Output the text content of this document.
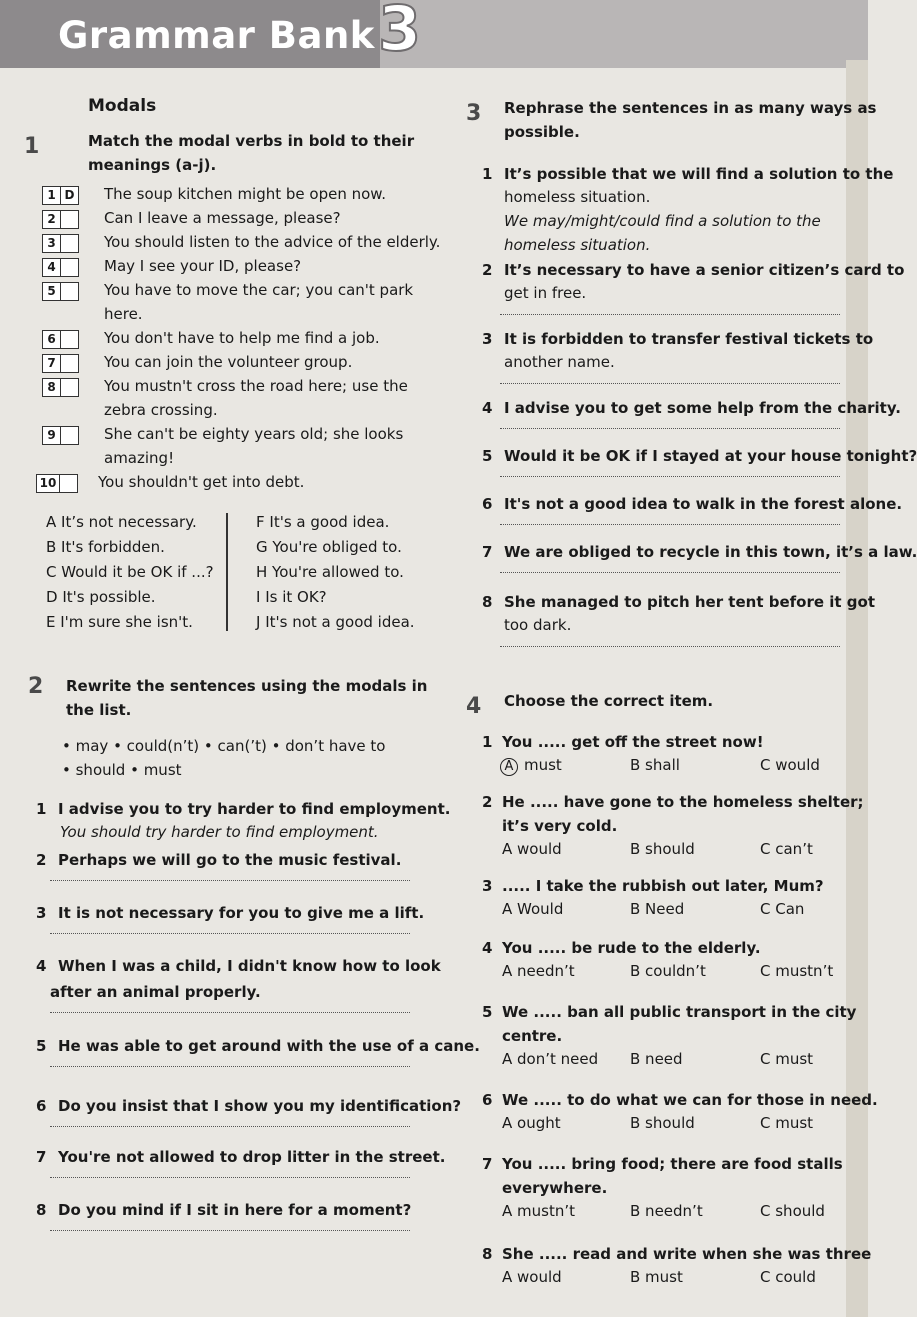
Grammar Bank 3
Modals
1	Match the modal verbs in bold to their
meanings (a-j).
1 D	The soup kitchen might be open now.
2	Can I leave a message, please?
3	You should listen to the advice of the elderly.
4	May I see your ID, please?
5	You have to move the car; you can't park
here.
6	You don't have to help me find a job.
7	You can join the volunteer group.
8	You mustn't cross the road here; use the
zebra crossing.
9	She can't be eighty years old; she looks
amazing!
10	You shouldn't get into debt.
A It’s not necessary.	F It's a good idea.
B It's forbidden.	G You're obliged to.
C Would it be OK if ...?	H You're allowed to.
D It's possible.	I Is it OK?
E I'm sure she isn't.	J It's not a good idea.
2 Rewrite the sentences using the modals in
the list.
• may • could(n’t) • can(’t) • don’t have to
• should • must
1 I advise you to try harder to find employment.
You should try harder to find employment.
2 Perhaps we will go to the music festival.
3 It is not necessary for you to give me a lift.
4 When I was a child, I didn't know how to look
after an animal properly.
5 He was able to get around with the use of a cane.
6 Do you insist that I show you my identification?
7 You're not allowed to drop litter in the street.
8 Do you mind if I sit in here for a moment?
3 Rephrase the sentences in as many ways as
possible.
1 It’s possible that we will find a solution to the
homeless situation.
We may/might/could find a solution to the
homeless situation.
2 It’s necessary to have a senior citizen’s card to
get in free.
3 It is forbidden to transfer festival tickets to
another name.
4 I advise you to get some help from the charity.
5 Would it be OK if I stayed at your house tonight?
6 It's not a good idea to walk in the forest alone.
7 We are obliged to recycle in this town, it’s a law.
8 She managed to pitch her tent before it got
too dark.
4 Choose the correct item.
1 You ..... get off the street now!
A must	B shall	C would
2 He ..... have gone to the homeless shelter;
it’s very cold.
A would	B should	C can’t
3 ..... I take the rubbish out later, Mum?
A Would	B Need	C Can
4 You ..... be rude to the elderly.
A needn’t	B couldn’t	C mustn’t
5 We ..... ban all public transport in the city
centre.
A don’t need B need	C must
6 We ..... to do what we can for those in need.
A ought	B should	C must
7 You ..... bring food; there are food stalls
everywhere.
A mustn’t	B needn’t	C should
8 She ..... read and write when she was three
A would	B must	C could
